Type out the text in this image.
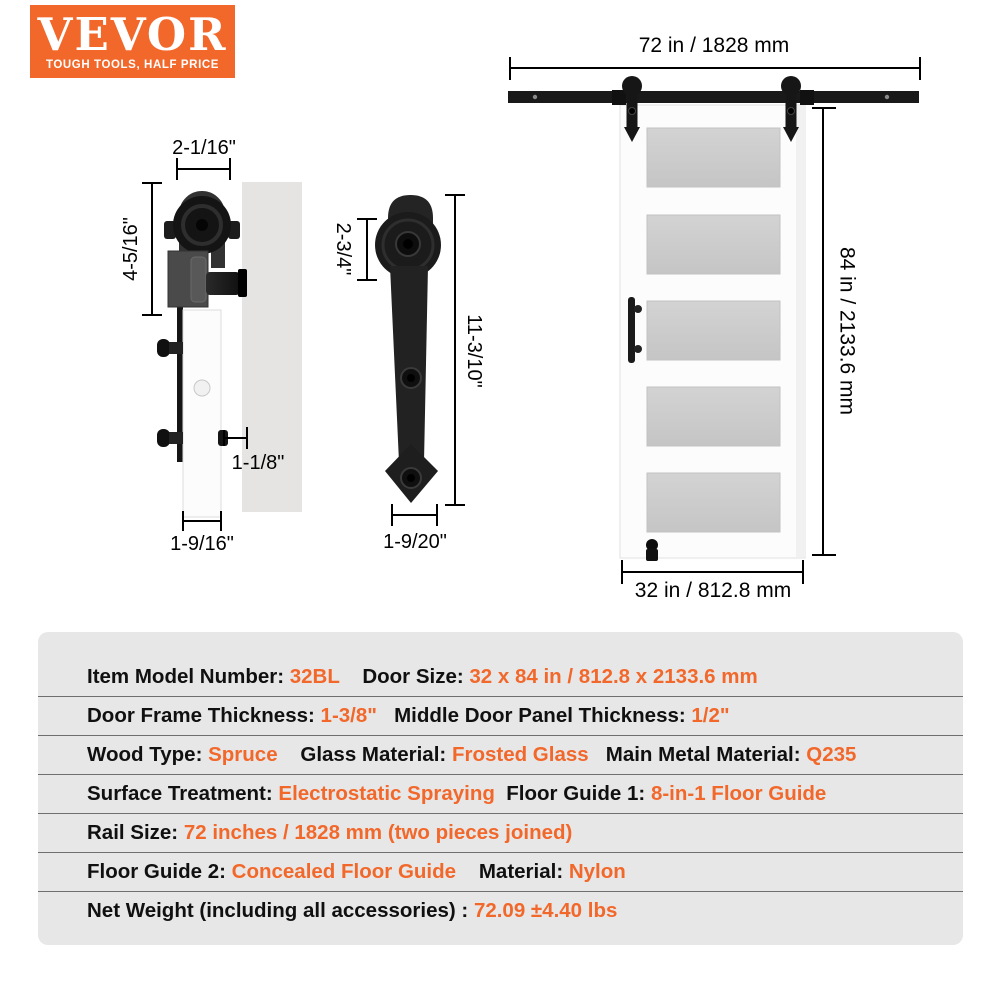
VEVOR
TOUGH TOOLS, HALF PRICE
2-1/16"
4-5/16"
1-1/8"
1-9/16"
2-3/4"
11-3/10"
1-9/20"
72 in / 1828 mm
84 in / 2133.6 mm
32 in / 812.8 mm
Item Model Number: 32BL Door Size: 32 x 84 in / 812.8 x 2133.6 mm
Door Frame Thickness: 1-3/8" Middle Door Panel Thickness: 1/2"
Wood Type: Spruce Glass Material: Frosted Glass Main Metal Material: Q235
Surface Treatment: Electrostatic Spraying Floor Guide 1: 8-in-1 Floor Guide
Rail Size: 72 inches / 1828 mm (two pieces joined)
Floor Guide 2: Concealed Floor Guide Material: Nylon
Net Weight (including all accessories) : 72.09 ±4.40 lbs
